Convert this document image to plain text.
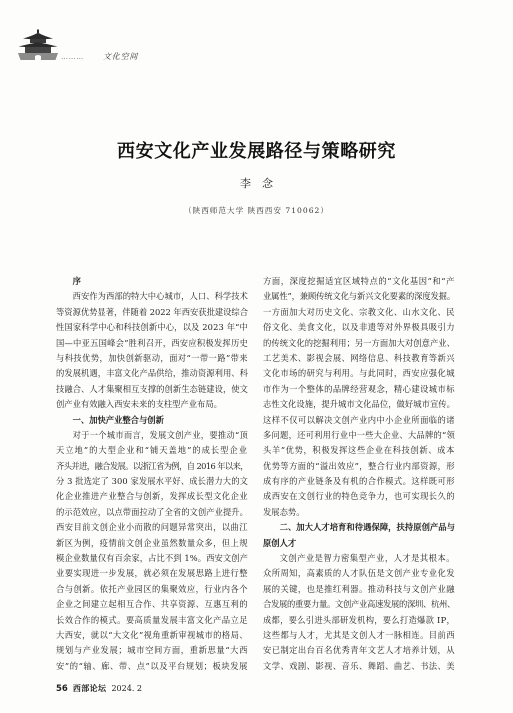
……… 文化空间
西安文化产业发展路径与策略研究
李　念
（陕西师范大学 陕西西安 710062）
序
西安作为西部的特大中心城市，人口、科学技术
等资源优势显著，伴随着 2022 年西安获批建设综合
性国家科学中心和科技创新中心，以及 2023 年“中
国—中亚五国峰会”胜利召开，西安应积极发挥历史
与科技优势，加快创新驱动，面对“一带一路”带来
的发展机遇，丰富文化产品供给，推动资源利用、科
技融合、人才集聚相互支撑的创新生态链建设，使文
创产业有效融入西安未来的支柱型产业布局。
一、加快产业整合与创新
对于一个城市而言，发展文创产业，要推动“顶
天立地”的大型企业和“铺天盖地”的成长型企业
齐头并进，融合发展。以浙江省为例，自 2016 年以来，
分 3 批选定了 300 家发展水平好、成长潜力大的文
化企业推进产业整合与创新，发挥成长型文化企业
的示范效应，以点带面拉动了全省的文创产业提升。
西安目前文创企业小而散的问题异常突出，以曲江
新区为例，疫情前文创企业虽然数量众多，但上规
模企业数量仅有百余家，占比不到 1%。西安文创产
业要实现进一步发展，就必须在发展思路上进行整
合与创新。依托产业园区的集聚效应，行业内各个
企业之间建立起相互合作、共享资源、互惠互利的
长效合作的模式。要高质量发展丰富文化产品立足
大西安，就以“大文化”视角重新审视城市的格局、
规划与产业发展；城市空间方面，重新思量“大西
安”的“轴、廊、带、点”以及平台规划；板块发展
方面，深度挖掘适宜区域特点的“文化基因”和“产
业属性”，兼顾传统文化与新兴文化要素的深度发掘。
一方面加大对历史文化、宗教文化、山水文化、民
俗文化、美食文化，以及非遗等对外界极具吸引力
的传统文化的挖掘利用；另一方面加大对创意产业、
工艺美术、影视会展、网络信息、科技教育等新兴
文化市场的研究与利用。与此同时，西安应强化城
市作为一个整体的品牌经营观念，精心建设城市标
志性文化设施，提升城市文化品位，做好城市宣传。
这样不仅可以解决文创产业内中小企业所面临的诸
多问题，还可利用行业中一些大企业、大品牌的“领
头羊”优势，积极发挥这些企业在科技创新、成本
优势等方面的“溢出效应”，整合行业内部资源，形
成有序的产业链条及有机的合作模式。这样既可形
成西安在文创行业的特色竞争力，也可实现长久的
发展态势。
二、加大人才培育和待遇保障，扶持原创产品与
原创人才
文创产业是智力密集型产业，人才是其根本。
众所周知，高素质的人才队伍是文创产业专业化发
展的关键，也是推红利器。推动科技与文创产业融
合发展的重要力量。文创产业高速发展的深圳、杭州、
成都，要么引进头部研发机构，要么打造爆款 IP，
这些都与人才，尤其是文创人才一脉相连。目前西
安已制定出台百名优秀青年文艺人才培养计划，从
文学、戏剧、影视、音乐、舞蹈、曲艺、书法、美
56 西部论坛 2024. 2
